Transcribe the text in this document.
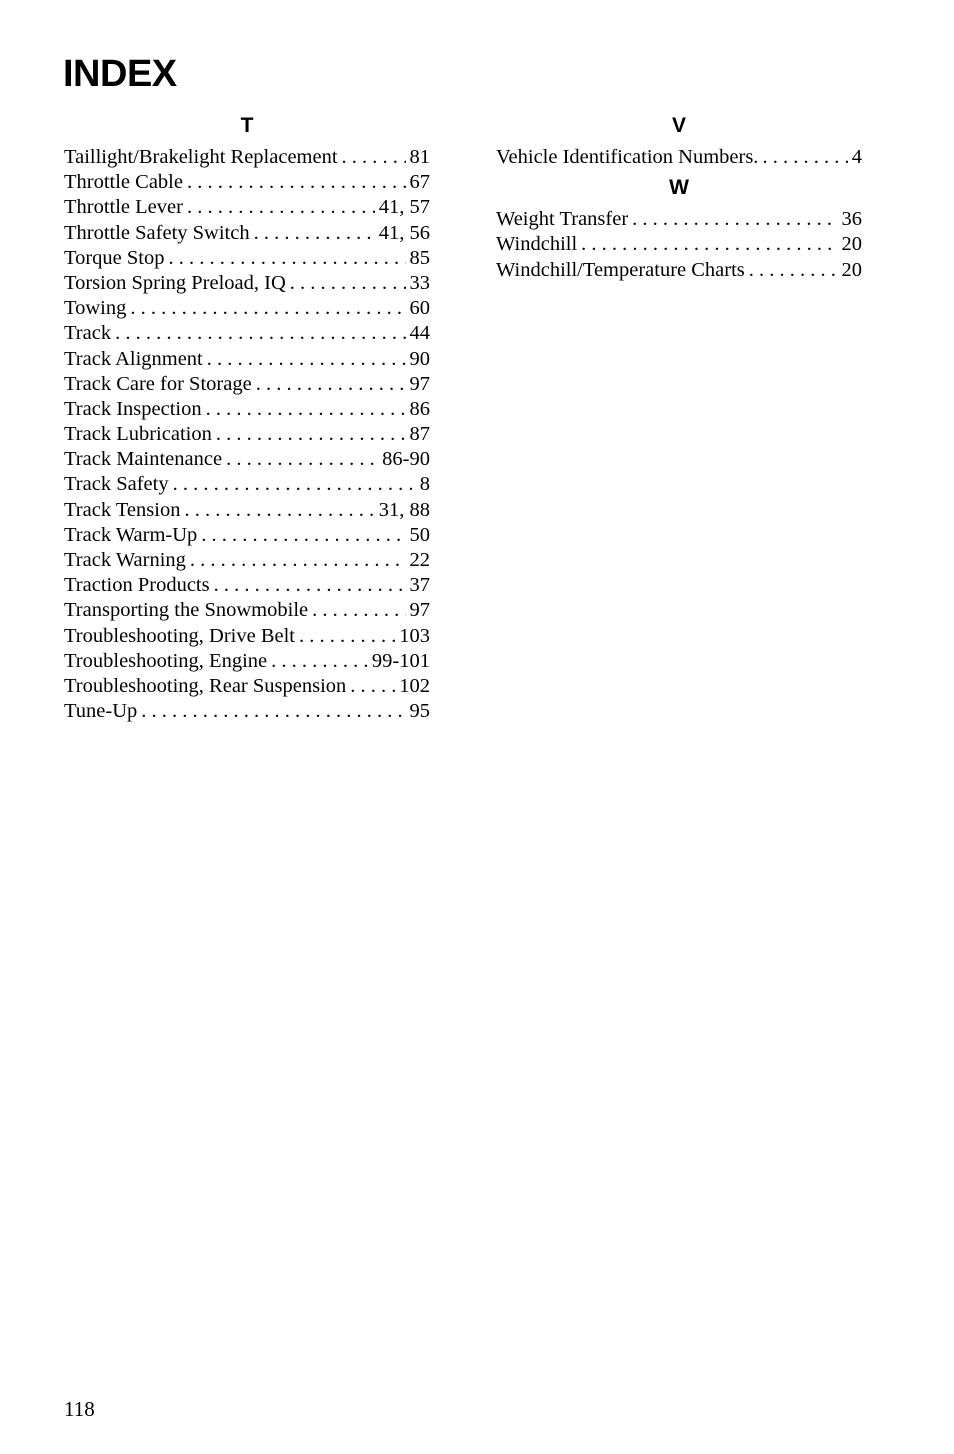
INDEX
T
Taillight/Brakelight Replacement . . .	81
Throttle Cable . . .	67
Throttle Lever . . .	41, 57
Throttle Safety Switch . . .	41, 56
Torque Stop . . .	85
Torsion Spring Preload, IQ . . .	33
Towing . . .	60
Track . . .	44
Track Alignment . . .	90
Track Care for Storage . . .	97
Track Inspection . . .	86
Track Lubrication . . .	87
Track Maintenance . . .	86-90
Track Safety . . .	8
Track Tension . . .	31, 88
Track Warm-Up . . .	50
Track Warning . . .	22
Traction Products . . .	37
Transporting the Snowmobile . . .	97
Troubleshooting, Drive Belt . . .	103
Troubleshooting, Engine . . .	99-101
Troubleshooting, Rear Suspension . . .	102
Tune-Up . . .	95
V
Vehicle Identification Numbers. . . .	4
W
Weight Transfer . . .	36
Windchill . . .	20
Windchill/Temperature Charts . . .	20
118
